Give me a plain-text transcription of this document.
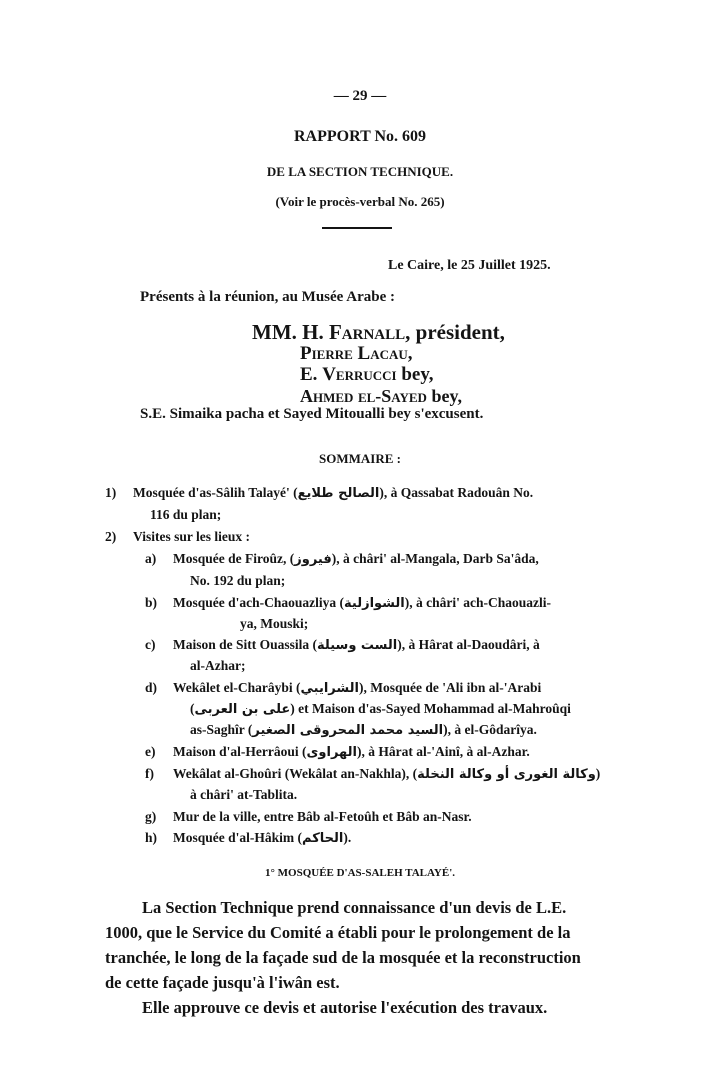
— 29 —
RAPPORT No. 609
DE LA SECTION TECHNIQUE.
(Voir le procès-verbal No. 265)
Le Caire, le 25 Juillet 1925.
Présents à la réunion, au Musée Arabe :
MM. H. Farnall, président,
Pierre Lacau,
E. Verrucci bey,
Ahmed el-Sayed bey,
S.E. Simaika pacha et Sayed Mitoualli bey s'excusent.
SOMMAIRE :
1) Mosquée d'as-Sâlih Talayé' (الصالح طلايع), à Qassabat Radouân No.
116 du plan;
2) Visites sur les lieux :
a) Mosquée de Firoûz, (فيروز), à châri' al-Mangala, Darb Sa'âda,
No. 192 du plan;
b) Mosquée d'ach-Chaouazliya (الشوازلية), à châri' ach-Chaouazli-
ya, Mouski;
c) Maison de Sitt Ouassila (الست وسيلة), à Hârat al-Daoudâri, à
al-Azhar;
d) Wekâlet el-Charâybi (الشرايبي), Mosquée de 'Ali ibn al-'Arabi
(على بن العربى) et Maison d'as-Sayed Mohammad al-Mahroûqi
as-Saghîr (السيد محمد المحروقى الصغير), à el-Gôdarîya.
e) Maison d'al-Herrâoui (الهراوى), à Hârat al-'Ainî, à al-Azhar.
f) Wekâlat al-Ghoûri (Wekâlat an-Nakhla), (وكالة الغورى أو وكالة النخلة)
à châri' at-Tablita.
g) Mur de la ville, entre Bâb al-Fetoûh et Bâb an-Nasr.
h) Mosquée d'al-Hâkim (الحاكم).
1° MOSQUÉE D'AS-SALEH TALAYÉ'.
La Section Technique prend connaissance d'un devis de L.E.
1000, que le Service du Comité a établi pour le prolongement de la
tranchée, le long de la façade sud de la mosquée et la reconstruction
de cette façade jusqu'à l'iwân est.
Elle approuve ce devis et autorise l'exécution des travaux.
